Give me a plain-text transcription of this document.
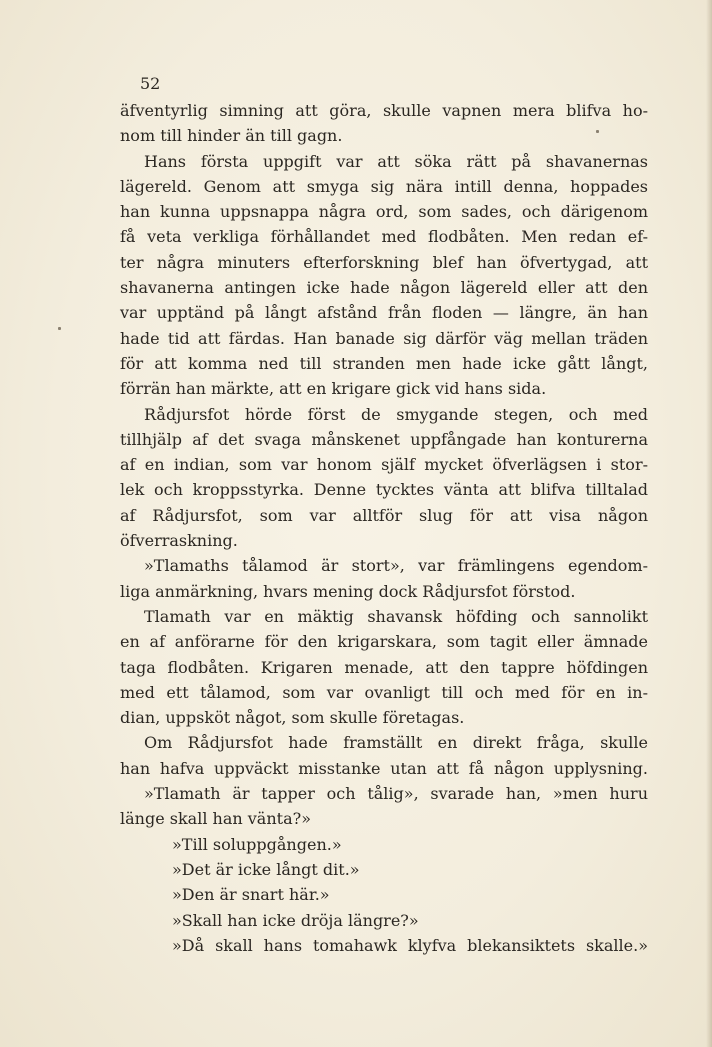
52
äfventyrlig simning att göra, skulle vapnen mera blifva ho-
nom till hinder än till gagn.
Hans första uppgift var att söka rätt på shavanernas
lägereld. Genom att smyga sig nära intill denna, hoppades
han kunna uppsnappa några ord, som sades, och därigenom
få veta verkliga förhållandet med flodbåten. Men redan ef-
ter några minuters efterforskning blef han öfvertygad, att
shavanerna antingen icke hade någon lägereld eller att den
var upptänd på långt afstånd från floden — längre, än han
hade tid att färdas. Han banade sig därför väg mellan träden
för att komma ned till stranden men hade icke gått långt,
förrän han märkte, att en krigare gick vid hans sida.
Rådjursfot hörde först de smygande stegen, och med
tillhjälp af det svaga månskenet uppfångade han konturerna
af en indian, som var honom själf mycket öfverlägsen i stor-
lek och kroppsstyrka. Denne tycktes vänta att blifva tilltalad
af Rådjursfot, som var alltför slug för att visa någon
öfverraskning.
»Tlamaths tålamod är stort», var främlingens egendom-
liga anmärkning, hvars mening dock Rådjursfot förstod.
Tlamath var en mäktig shavansk höfding och sannolikt
en af anförarne för den krigarskara, som tagit eller ämnade
taga flodbåten. Krigaren menade, att den tappre höfdingen
med ett tålamod, som var ovanligt till och med för en in-
dian, uppsköt något, som skulle företagas.
Om Rådjursfot hade framställt en direkt fråga, skulle
han hafva uppväckt misstanke utan att få någon upplysning.
»Tlamath är tapper och tålig», svarade han, »men huru
länge skall han vänta?»
»Till soluppgången.»
»Det är icke långt dit.»
»Den är snart här.»
»Skall han icke dröja längre?»
»Då skall hans tomahawk klyfva blekansiktets skalle.»
